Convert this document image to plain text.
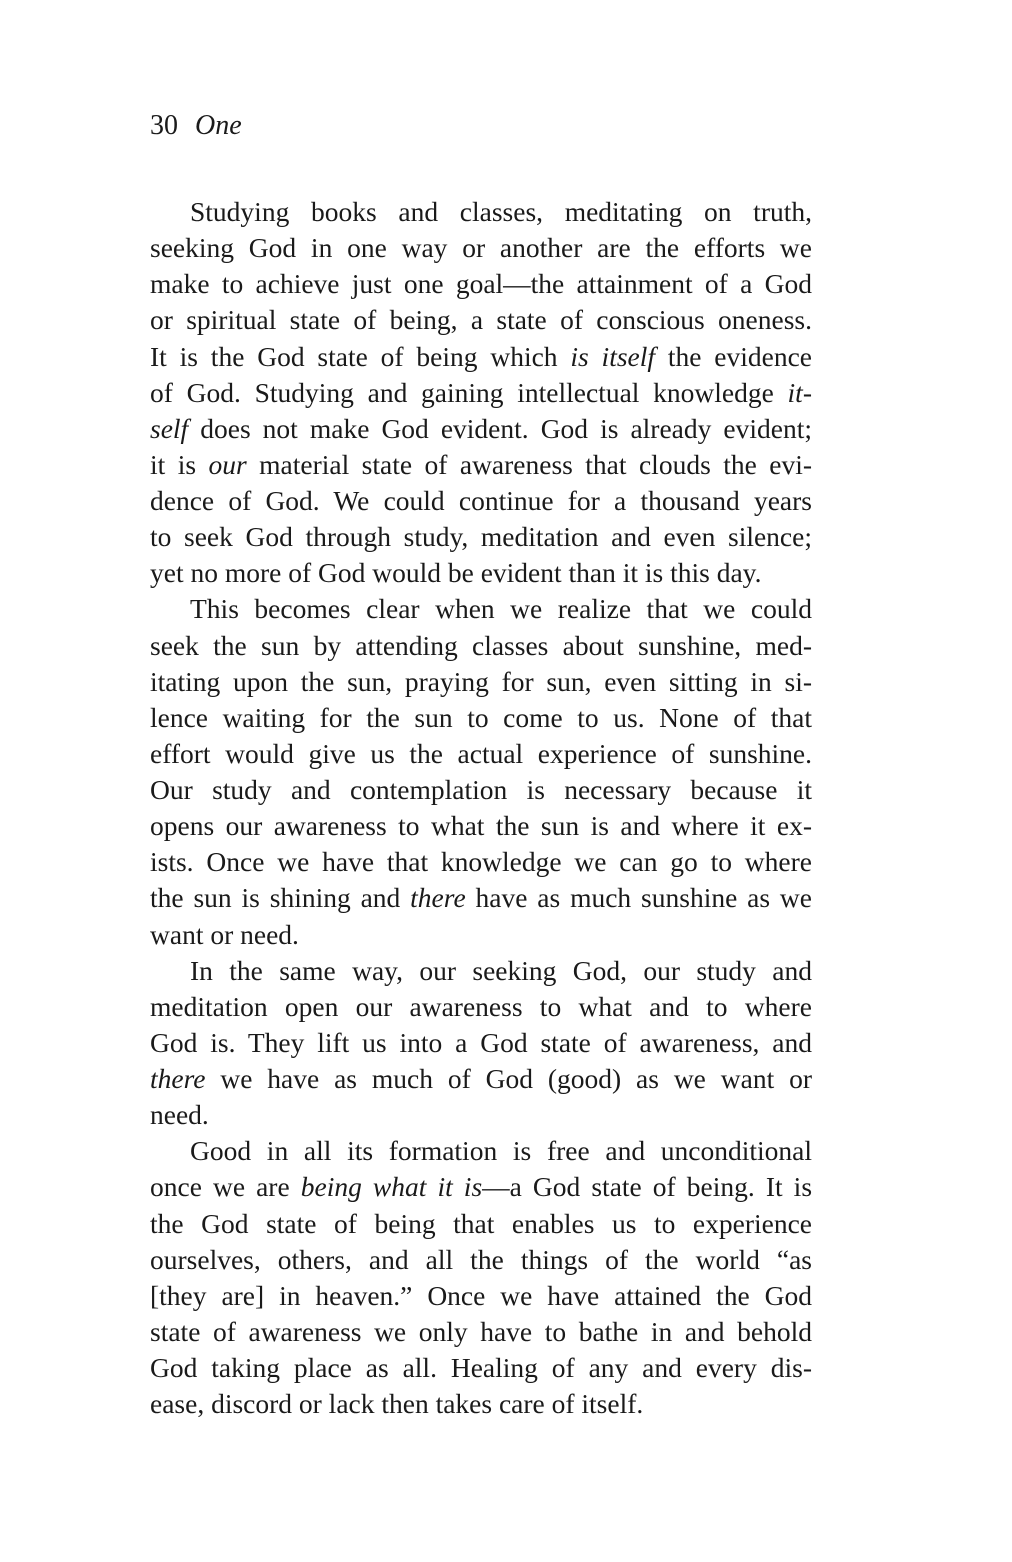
30 One
Studying books and classes, meditating on truth,
seeking God in one way or another are the efforts we
make to achieve just one goal—the attainment of a God
or spiritual state of being, a state of conscious oneness.
It is the God state of being which is itself the evidence
of God. Studying and gaining intellectual knowledge it-
self does not make God evident. God is already evident;
it is our material state of awareness that clouds the evi-
dence of God. We could continue for a thousand years
to seek God through study, meditation and even silence;
yet no more of God would be evident than it is this day.
This becomes clear when we realize that we could
seek the sun by attending classes about sunshine, med-
itating upon the sun, praying for sun, even sitting in si-
lence waiting for the sun to come to us. None of that
effort would give us the actual experience of sunshine.
Our study and contemplation is necessary because it
opens our awareness to what the sun is and where it ex-
ists. Once we have that knowledge we can go to where
the sun is shining and there have as much sunshine as we
want or need.
In the same way, our seeking God, our study and
meditation open our awareness to what and to where
God is. They lift us into a God state of awareness, and
there we have as much of God (good) as we want or
need.
Good in all its formation is free and unconditional
once we are being what it is—a God state of being. It is
the God state of being that enables us to experience
ourselves, others, and all the things of the world “as
[they are] in heaven.” Once we have attained the God
state of awareness we only have to bathe in and behold
God taking place as all. Healing of any and every dis-
ease, discord or lack then takes care of itself.
